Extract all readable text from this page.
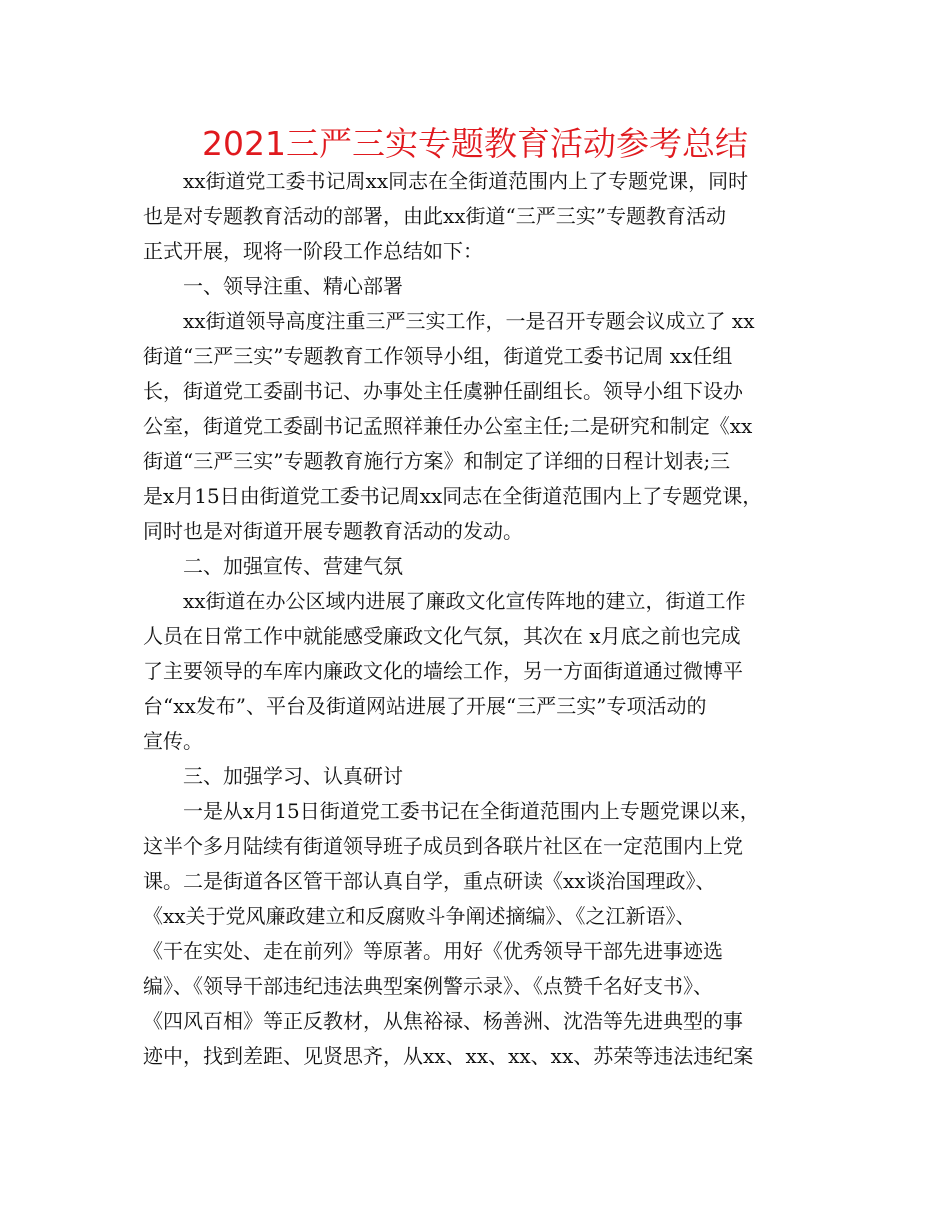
2021三严三实专题教育活动参考总结
xx街道党工委书记周xx同志在全街道范围内上了专题党课，同时
也是对专题教育活动的部署，由此xx街道“三严三实”专题教育活动
正式开展，现将一阶段工作总结如下：
一、领导注重、精心部署
xx街道领导高度注重三严三实工作，一是召开专题会议成立了 xx
街道“三严三实”专题教育工作领导小组，街道党工委书记周 xx任组
长，街道党工委副书记、办事处主任虞翀任副组长。领导小组下设办
公室，街道党工委副书记孟照祥兼任办公室主任;二是研究和制定《xx
街道“三严三实”专题教育施行方案》和制定了详细的日程计划表;三
是x月15日由街道党工委书记周xx同志在全街道范围内上了专题党课，
同时也是对街道开展专题教育活动的发动。
二、加强宣传、营建气氛
xx街道在办公区域内进展了廉政文化宣传阵地的建立，街道工作
人员在日常工作中就能感受廉政文化气氛，其次在 x月底之前也完成
了主要领导的车库内廉政文化的墙绘工作，另一方面街道通过微博平
台“xx发布”、平台及街道网站进展了开展“三严三实”专项活动的
宣传。
三、加强学习、认真研讨
一是从x月15日街道党工委书记在全街道范围内上专题党课以来，
这半个多月陆续有街道领导班子成员到各联片社区在一定范围内上党
课。二是街道各区管干部认真自学，重点研读《xx谈治国理政》、
《xx关于党风廉政建立和反腐败斗争阐述摘编》、《之江新语》、
《干在实处、走在前列》等原著。用好《优秀领导干部先进事迹选
编》、《领导干部违纪违法典型案例警示录》、《点赞千名好支书》、
《四风百相》等正反教材，从焦裕禄、杨善洲、沈浩等先进典型的事
迹中，找到差距、见贤思齐，从xx、xx、xx、xx、苏荣等违法违纪案
